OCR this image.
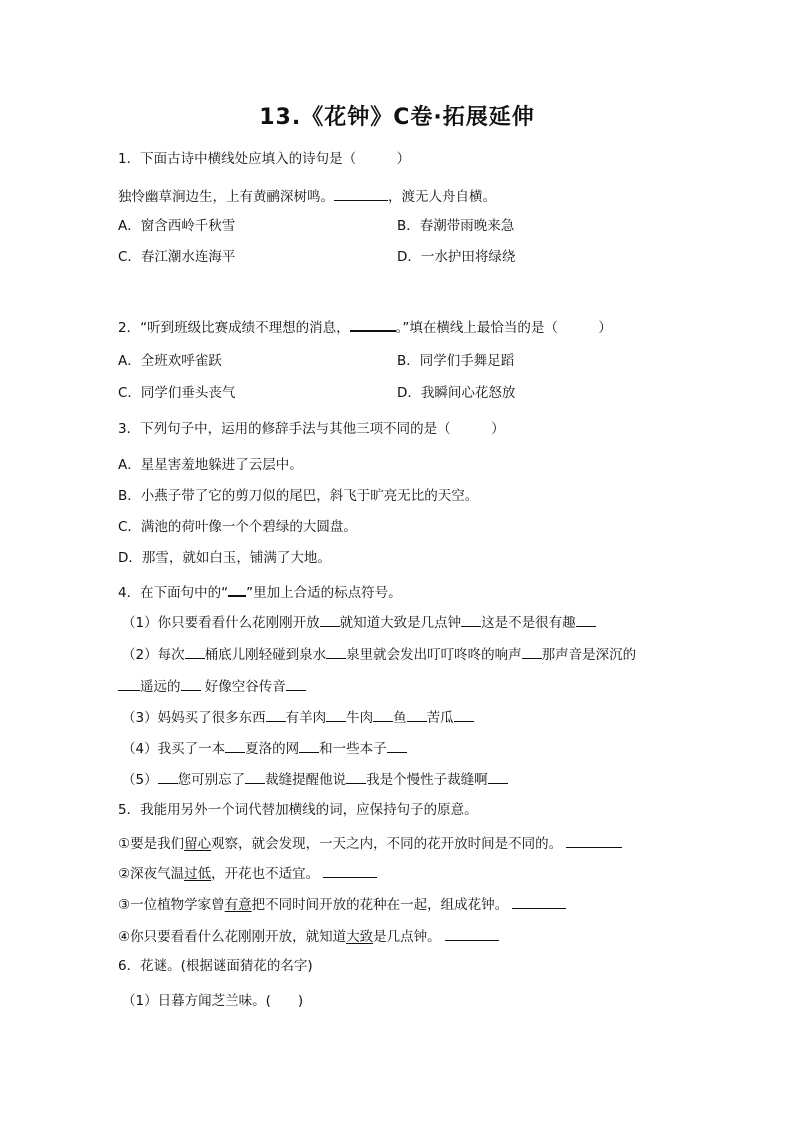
13.《花钟》C卷·拓展延伸
1．下面古诗中横线处应填入的诗句是（　　　）
独怜幽草涧边生，上有黄鹂深树鸣。	，渡无人舟自横。
A．窗含西岭千秋雪	B．春潮带雨晚来急
C．春江潮水连海平	D．一水护田将绿绕
2．“听到班级比赛成绩不理想的消息，	。”填在横线上最恰当的是（　　　）
A．全班欢呼雀跃	B．同学们手舞足蹈
C．同学们垂头丧气	D．我瞬间心花怒放
3．下列句子中，运用的修辞手法与其他三项不同的是（　　　）
A．星星害羞地躲进了云层中。
B．小燕子带了它的剪刀似的尾巴，斜飞于旷亮无比的天空。
C．满池的荷叶像一个个碧绿的大圆盘。
D．那雪，就如白玉，铺满了大地。
4．在下面句中的“ ”里加上合适的标点符号。
（1）你只要看看什么花刚刚开放 就知道大致是几点钟 这是不是很有趣
（2）每次 桶底儿刚轻碰到泉水 泉里就会发出叮叮咚咚的响声 那声音是深沉的
遥远的 好像空谷传音
（3）妈妈买了很多东西 有羊肉 牛肉 鱼 苦瓜
（4）我买了一本 夏洛的网 和一些本子
（5） 您可别忘了 裁缝提醒他说 我是个慢性子裁缝啊
5．我能用另外一个词代替加横线的词，应保持句子的原意。
①要是我们留心观察，就会发现，一天之内，不同的花开放时间是不同的。
②深夜气温过低，开花也不适宜。
③一位植物学家曾有意把不同时间开放的花种在一起，组成花钟。
④你只要看看什么花刚刚开放，就知道大致是几点钟。
6．花谜。(根据谜面猜花的名字)
（1）日暮方闻芝兰味。(　　)
